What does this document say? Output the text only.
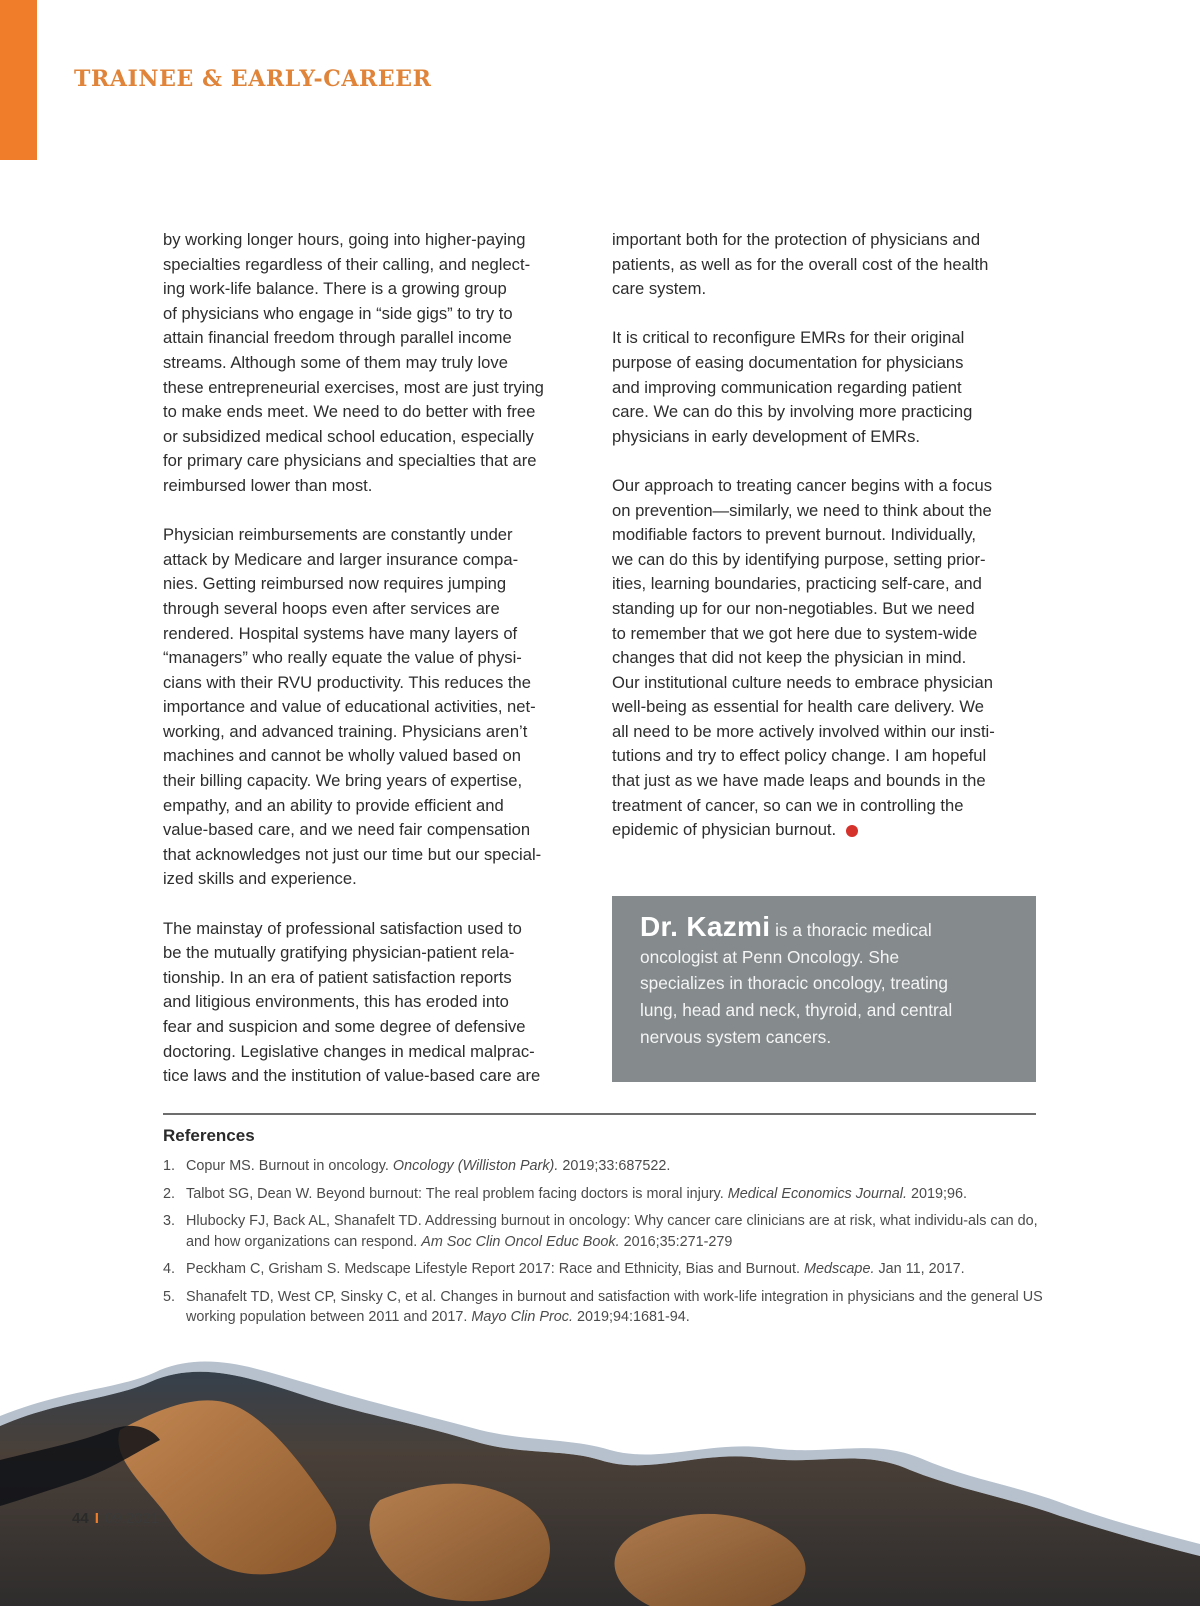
TRAINEE & EARLY-CAREER
by working longer hours, going into higher-paying
specialties regardless of their calling, and neglect-
ing work-life balance. There is a growing group
of physicians who engage in “side gigs” to try to
attain financial freedom through parallel income
streams. Although some of them may truly love
these entrepreneurial exercises, most are just trying
to make ends meet. We need to do better with free
or subsidized medical school education, especially
for primary care physicians and specialties that are
reimbursed lower than most.
Physician reimbursements are constantly under
attack by Medicare and larger insurance compa-
nies. Getting reimbursed now requires jumping
through several hoops even after services are
rendered. Hospital systems have many layers of
“managers” who really equate the value of physi-
cians with their RVU productivity. This reduces the
importance and value of educational activities, net-
working, and advanced training. Physicians aren’t
machines and cannot be wholly valued based on
their billing capacity. We bring years of expertise,
empathy, and an ability to provide efficient and
value-based care, and we need fair compensation
that acknowledges not just our time but our special-
ized skills and experience.
The mainstay of professional satisfaction used to
be the mutually gratifying physician-patient rela-
tionship. In an era of patient satisfaction reports
and litigious environments, this has eroded into
fear and suspicion and some degree of defensive
doctoring. Legislative changes in medical malprac-
tice laws and the institution of value-based care are
important both for the protection of physicians and
patients, as well as for the overall cost of the health
care system.
It is critical to reconfigure EMRs for their original
purpose of easing documentation for physicians
and improving communication regarding patient
care. We can do this by involving more practicing
physicians in early development of EMRs.
Our approach to treating cancer begins with a focus
on prevention—similarly, we need to think about the
modifiable factors to prevent burnout. Individually,
we can do this by identifying purpose, setting prior-
ities, learning boundaries, practicing self-care, and
standing up for our non-negotiables. But we need
to remember that we got here due to system-wide
changes that did not keep the physician in mind.
Our institutional culture needs to embrace physician
well-being as essential for health care delivery. We
all need to be more actively involved within our insti-
tutions and try to effect policy change. I am hopeful
that just as we have made leaps and bounds in the
treatment of cancer, so can we in controlling the
epidemic of physician burnout.
Dr. Kazmi is a thoracic medical
oncologist at Penn Oncology. She
specializes in thoracic oncology, treating
lung, head and neck, thyroid, and central
nervous system cancers.
References
1. Copur MS. Burnout in oncology. Oncology (Williston Park). 2019;33:687522.
2. Talbot SG, Dean W. Beyond burnout: The real problem facing doctors is moral injury. Medical Economics Journal. 2019;96.
3. Hlubocky FJ, Back AL, Shanafelt TD. Addressing burnout in oncology: Why cancer care clinicians are at risk, what individu-als can do, and how organizations can respond. Am Soc Clin Oncol Educ Book. 2016;35:271-279
4. Peckham C, Grisham S. Medscape Lifestyle Report 2017: Race and Ethnicity, Bias and Burnout. Medscape. Jan 11, 2017.
5. Shanafelt TD, West CP, Sinsky C, et al. Changes in burnout and satisfaction with work-life integration in physicians and the general US working population between 2011 and 2017. Mayo Clin Proc. 2019;94:1681-94.
44 I 09.2021
